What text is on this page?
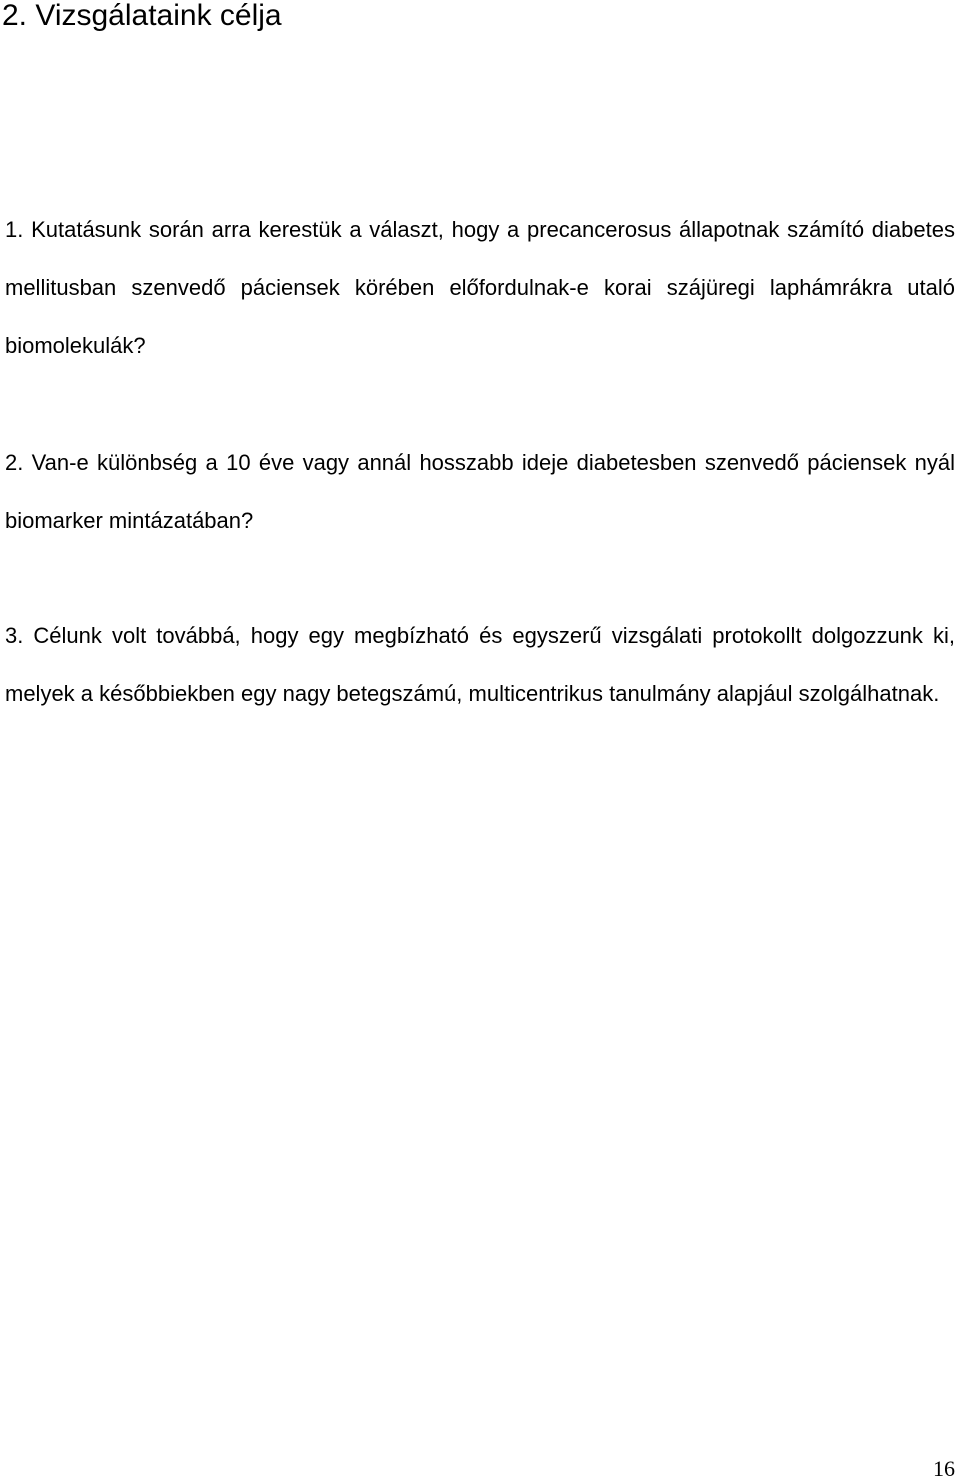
2. Vizsgálataink célja

1. Kutatásunk során arra kerestük a választ, hogy a precancerosus állapotnak számító diabetes mellitusban szenvedő páciensek körében előfordulnak-e korai szájüregi laphámrákra utaló biomolekulák?

2. Van-e különbség a 10 éve vagy annál hosszabb ideje diabetesben szenvedő páciensek nyál biomarker mintázatában?

3. Célunk volt továbbá, hogy egy megbízható és egyszerű vizsgálati protokollt dolgozzunk ki, melyek a későbbiekben egy nagy betegszámú, multicentrikus tanulmány alapjául szolgálhatnak.

16
